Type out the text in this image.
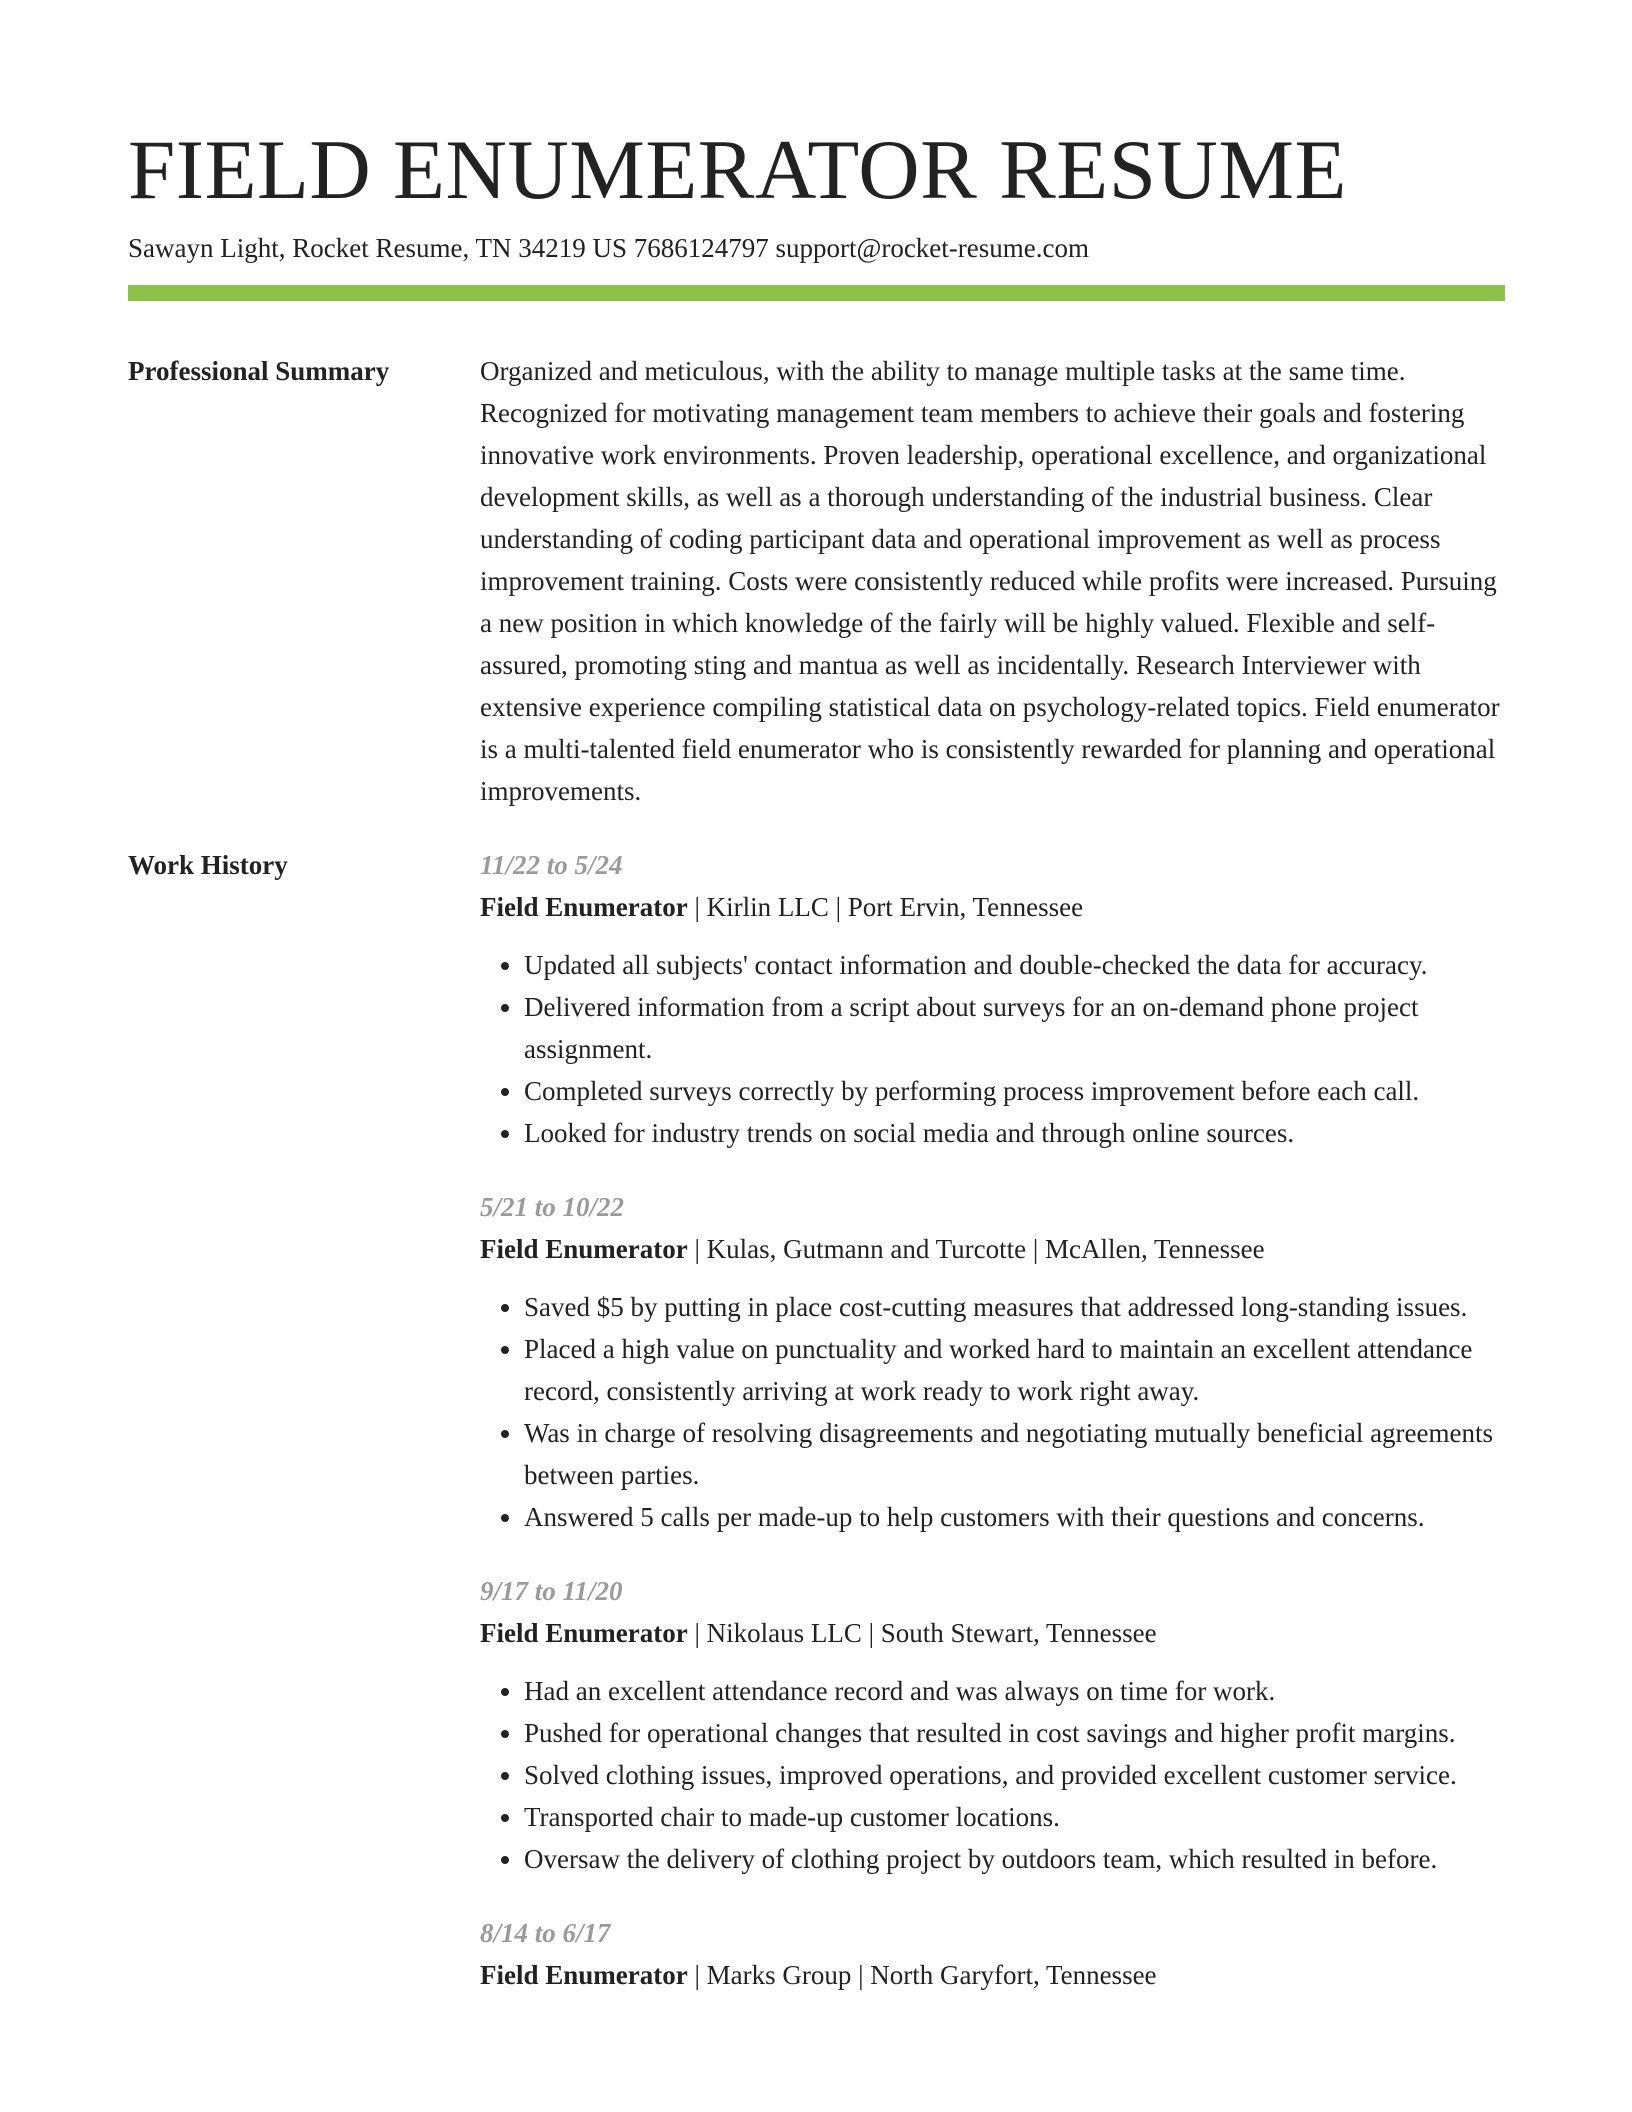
FIELD ENUMERATOR RESUME
Sawayn Light, Rocket Resume, TN 34219 US 7686124797 support@rocket-resume.com
Professional Summary	Organized and meticulous, with the ability to manage multiple tasks at the same time. Recognized for motivating management team members to achieve their goals and fostering innovative work environments. Proven leadership, operational excellence, and organizational development skills, as well as a thorough understanding of the industrial business. Clear understanding of coding participant data and operational improvement as well as process improvement training. Costs were consistently reduced while profits were increased. Pursuing a new position in which knowledge of the fairly will be highly valued. Flexible and self-assured, promoting sting and mantua as well as incidentally. Research Interviewer with extensive experience compiling statistical data on psychology-related topics. Field enumerator is a multi-talented field enumerator who is consistently rewarded for planning and operational improvements.

Work History	11/22 to 5/24
Field Enumerator | Kirlin LLC | Port Ervin, Tennessee
• Updated all subjects' contact information and double-checked the data for accuracy.
• Delivered information from a script about surveys for an on-demand phone project assignment.
• Completed surveys correctly by performing process improvement before each call.
• Looked for industry trends on social media and through online sources.
5/21 to 10/22
Field Enumerator | Kulas, Gutmann and Turcotte | McAllen, Tennessee
• Saved $5 by putting in place cost-cutting measures that addressed long-standing issues.
• Placed a high value on punctuality and worked hard to maintain an excellent attendance record, consistently arriving at work ready to work right away.
• Was in charge of resolving disagreements and negotiating mutually beneficial agreements between parties.
• Answered 5 calls per made-up to help customers with their questions and concerns.
9/17 to 11/20
Field Enumerator | Nikolaus LLC | South Stewart, Tennessee
• Had an excellent attendance record and was always on time for work.
• Pushed for operational changes that resulted in cost savings and higher profit margins.
• Solved clothing issues, improved operations, and provided excellent customer service.
• Transported chair to made-up customer locations.
• Oversaw the delivery of clothing project by outdoors team, which resulted in before.
8/14 to 6/17
Field Enumerator | Marks Group | North Garyfort, Tennessee
